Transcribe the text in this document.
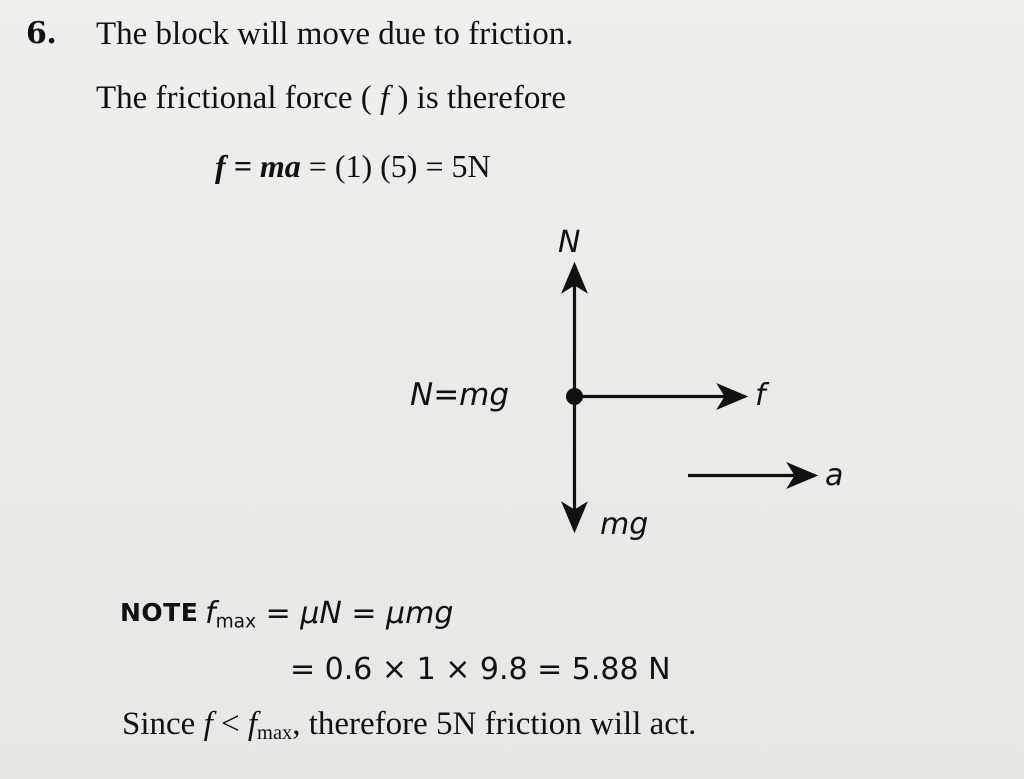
6. The block will move due to friction.
The frictional force ( f ) is therefore
f = ma = (1) (5) = 5N
N
N=mg	f
a
mg
NOTE $f_{max} = \mu N = \mu mg$
= 0.6 × 1 × 9.8 = 5.88 N
Since $f < f_{max}$, therefore 5N friction will act.
